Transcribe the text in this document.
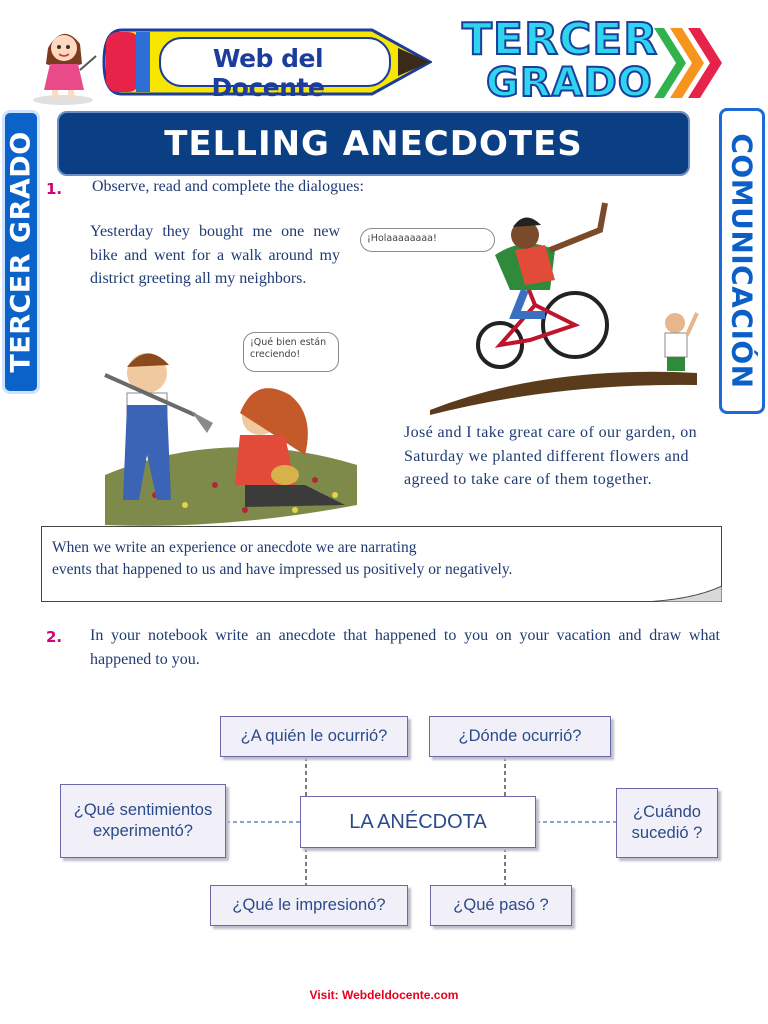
Web del Docente
TERCER
GRADO
TERCER GRADO	COMUNICACIÓN
TELLING ANECDOTES
1. Observe, read and complete the dialogues:
Yesterday they bought me one new bike and went for a walk around my district greeting all my neighbors.
¡Holaaaaaaaa!
¡Qué bien están creciendo!
José and I take great care of our garden, on Saturday we planted different flowers and agreed to take care of them together.
When we write an experience or anecdote we are narrating
events that happened to us and have impressed us positively or negatively.
2. In your notebook write an anecdote that happened to you on your vacation and draw what happened to you.
¿A quién le ocurrió?	¿Dónde ocurrió?
¿Qué sentimientos experimentó?	LA ANÉCDOTA	¿Cuándo sucedió ?
¿Qué le impresionó?	¿Qué pasó ?
Visit: Webdeldocente.com
